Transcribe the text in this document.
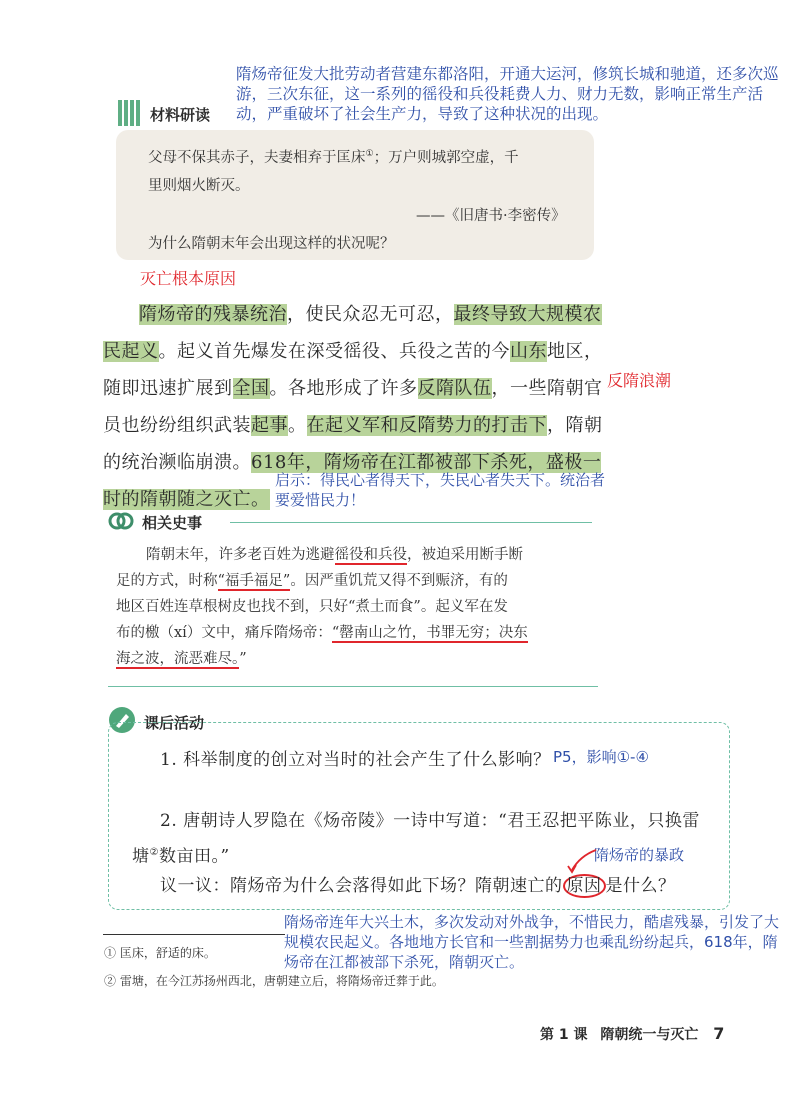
隋炀帝征发大批劳动者营建东都洛阳，开通大运河，修筑长城和驰道，还多次巡游，三次东征，这一系列的徭役和兵役耗费人力、财力无数，影响正常生产活动，严重破坏了社会生产力，导致了这种状况的出现。
材料研读
父母不保其赤子，夫妻相弃于匡床①；万户则城郭空虚，千
里则烟火断灭。
——《旧唐书·李密传》
为什么隋朝末年会出现这样的状况呢？
灭亡根本原因
隋炀帝的残暴统治，使民众忍无可忍，最终导致大规模农
民起义。起义首先爆发在深受徭役、兵役之苦的今山东地区，
随即迅速扩展到全国。各地形成了许多反隋队伍，一些隋朝官
员也纷纷组织武装起事。在起义军和反隋势力的打击下，隋朝
的统治濒临崩溃。618年，隋炀帝在江都被部下杀死，盛极一
时的隋朝随之灭亡。
反隋浪潮
启示：得民心者得天下，失民心者失天下。统治者要爱惜民力！
相关史事
隋朝末年，许多老百姓为逃避徭役和兵役，被迫采用断手断
足的方式，时称“福手福足”。因严重饥荒又得不到赈济，有的
地区百姓连草根树皮也找不到，只好“煮土而食”。起义军在发
布的檄（xí）文中，痛斥隋炀帝：“罄南山之竹，书罪无穷；决东
海之波，流恶难尽。”
课后活动
1. 科举制度的创立对当时的社会产生了什么影响？ P5，影响①-④
2. 唐朝诗人罗隐在《炀帝陵》一诗中写道：“君王忍把平陈业，只换雷
塘②数亩田。”	隋炀帝的暴政
议一议：隋炀帝为什么会落得如此下场？隋朝速亡的 原因 是什么？
隋炀帝连年大兴土木，多次发动对外战争，不惜民力，酷虐残暴，引发了大规模农民起义。各地地方长官和一些割据势力也乘乱纷纷起兵，618年，隋炀帝在江都被部下杀死，隋朝灭亡。
① 匡床，舒适的床。
② 雷塘，在今江苏扬州西北，唐朝建立后，将隋炀帝迁葬于此。
第 1 课 隋朝统一与灭亡 7
